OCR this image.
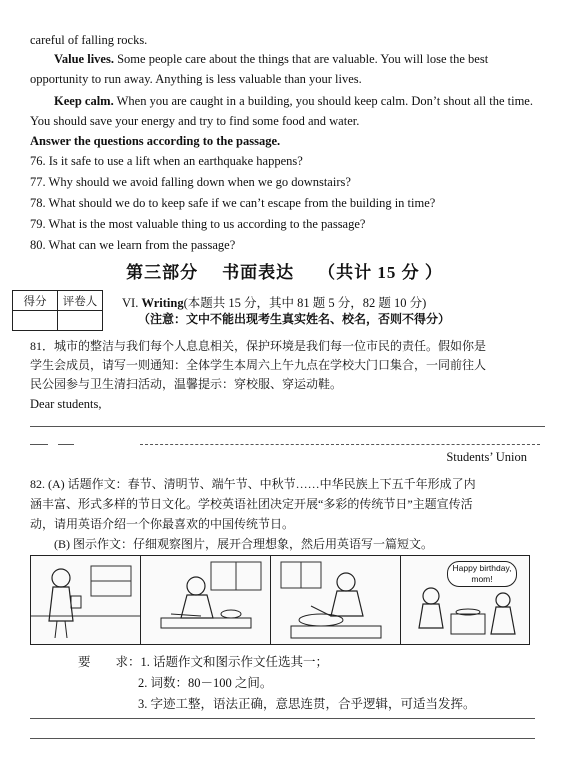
careful of falling rocks.
Value lives. Some people care about the things that are valuable. You will lose the best opportunity to run away. Anything is less valuable than your lives.
Keep calm. When you are caught in a building, you should keep calm. Don’t shout all the time. You should save your energy and try to find some food and water.
Answer the questions according to the passage.
76. Is it safe to use a lift when an earthquake happens?
77. Why should we avoid falling down when we go downstairs?
78. What should we do to keep safe if we can’t escape from the building in time?
79. What is the most valuable thing to us according to the passage?
80. What can we learn from the passage?
第三部分 书面表达 （共计 15 分 ）
得分	评卷人
	VI. Writing(本题共 15 分，其中 81 题 5 分，82 题 10 分)
（注意：文中不能出现考生真实姓名、校名，否则不得分）
81．城市的整洁与我们每个人息息相关，保护环境是我们每一位市民的责任。假如你是
学生会成员，请写一则通知：全体学生本周六上午九点在学校大门口集合，一同前往人
民公园参与卫生清扫活动，温馨提示：穿校服、穿运动鞋。
Dear students,
Students’ Union
82. (A) 话题作文：春节、清明节、端午节、中秋节……中华民族上下五千年形成了内
涵丰富、形式多样的节日文化。学校英语社团决定开展“多彩的传统节日”主题宣传活
动，请用英语介绍一个你最喜欢的中国传统节日。
(B) 图示作文：仔细观察图片，展开合理想象，然后用英语写一篇短文。
Happy birthday, mom!
要　　求：1. 话题作文和图示作文任选其一；
2. 词数：80－100 之间。
3. 字迹工整，语法正确，意思连贯，合乎逻辑，可适当发挥。
